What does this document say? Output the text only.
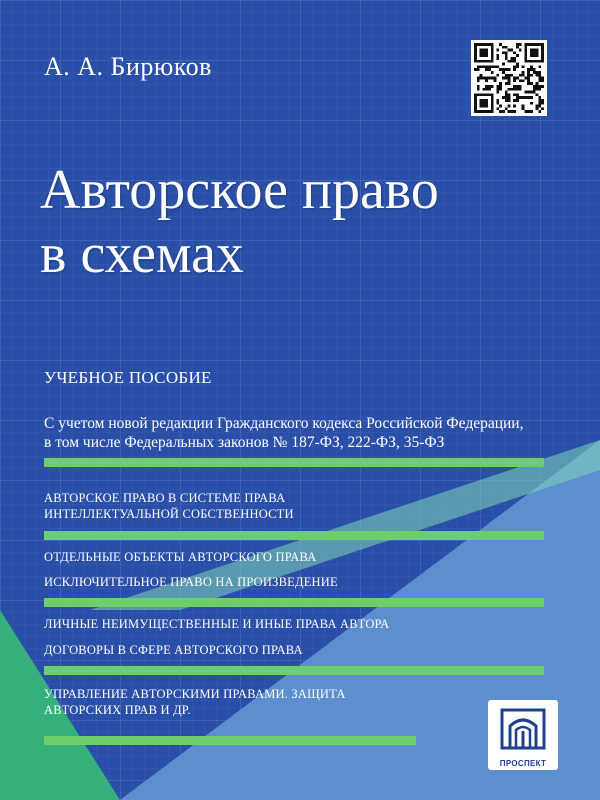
А. А. Бирюков
Авторское право
в схемах
УЧЕБНОЕ ПОСОБИЕ
С учетом новой редакции Гражданского кодекса Российской Федерации,
в том числе Федеральных законов № 187-ФЗ, 222-ФЗ, 35-ФЗ
АВТОРСКОЕ ПРАВО В СИСТЕМЕ ПРАВА
ИНТЕЛЛЕКТУАЛЬНОЙ СОБСТВЕННОСТИ
ОТДЕЛЬНЫЕ ОБЪЕКТЫ АВТОРСКОГО ПРАВА
ИСКЛЮЧИТЕЛЬНОЕ ПРАВО НА ПРОИЗВЕДЕНИЕ
ЛИЧНЫЕ НЕИМУЩЕСТВЕННЫЕ И ИНЫЕ ПРАВА АВТОРА
ДОГОВОРЫ В СФЕРЕ АВТОРСКОГО ПРАВА
УПРАВЛЕНИЕ АВТОРСКИМИ ПРАВАМИ. ЗАЩИТА
АВТОРСКИХ ПРАВ И ДР.
ПРОСПЕКТ
